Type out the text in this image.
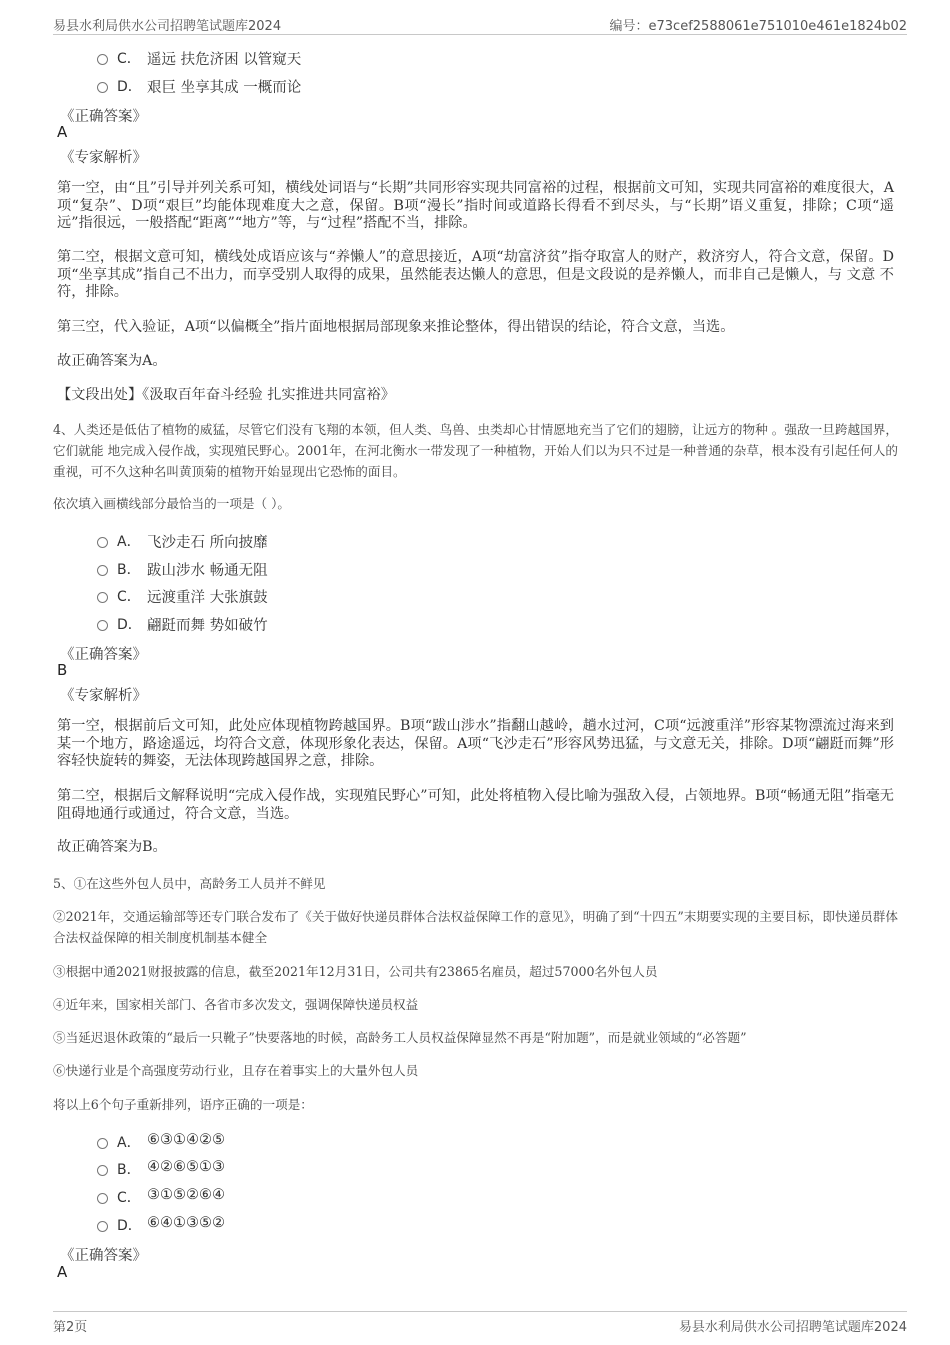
易县水利局供水公司招聘笔试题库2024	编号：e73cef2588061e751010e461e1824b02
C． 遥远 扶危济困 以管窥天
D． 艰巨 坐享其成 一概而论
《正确答案》
A
《专家解析》
第一空，由“且”引导并列关系可知，横线处词语与“长期”共同形容实现共同富裕的过程，根据前文可知，实现共同富裕的难度很大，A项“复杂”、D项“艰巨”均能体现难度大之意，保留。B项“漫长”指时间或道路长得看不到尽头，与“长期”语义重复，排除；C项“遥远”指很远，一般搭配“距离”“地方”等，与“过程”搭配不当，排除。
第二空，根据文意可知，横线处成语应该与“养懒人”的意思接近，A项“劫富济贫”指夺取富人的财产，救济穷人，符合文意，保留。D项“坐享其成”指自己不出力，而享受别人取得的成果，虽然能表达懒人的意思，但是文段说的是养懒人，而非自己是懒人，与 文意 不符，排除。
第三空，代入验证，A项“以偏概全”指片面地根据局部现象来推论整体，得出错误的结论，符合文意，当选。
故正确答案为A。
【文段出处】《汲取百年奋斗经验 扎实推进共同富裕》
4、人类还是低估了植物的威猛，尽管它们没有飞翔的本领，但人类、鸟兽、虫类却心甘情愿地充当了它们的翅膀，让远方的物种 。强敌一旦跨越国界，它们就能 地完成入侵作战，实现殖民野心。2001年，在河北衡水一带发现了一种植物，开始人们以为只不过是一种普通的杂草，根本没有引起任何人的重视，可不久这种名叫黄顶菊的植物开始显现出它恐怖的面目。
依次填入画横线部分最恰当的一项是（ ）。
A． 飞沙走石 所向披靡
B． 跋山涉水 畅通无阻
C． 远渡重洋 大张旗鼓
D． 翩跹而舞 势如破竹
《正确答案》
B
《专家解析》
第一空，根据前后文可知，此处应体现植物跨越国界。B项“跋山涉水”指翻山越岭，趟水过河，C项“远渡重洋”形容某物漂流过海来到某一个地方，路途遥远，均符合文意，体现形象化表达，保留。A项“飞沙走石”形容风势迅猛，与文意无关，排除。D项“翩跹而舞”形容轻快旋转的舞姿，无法体现跨越国界之意，排除。
第二空，根据后文解释说明“完成入侵作战，实现殖民野心”可知，此处将植物入侵比喻为强敌入侵，占领地界。B项“畅通无阻”指毫无阻碍地通行或通过，符合文意，当选。
故正确答案为B。
5、①在这些外包人员中，高龄务工人员并不鲜见
②2021年，交通运输部等还专门联合发布了《关于做好快递员群体合法权益保障工作的意见》，明确了到“十四五”末期要实现的主要目标，即快递员群体合法权益保障的相关制度机制基本健全
③根据中通2021财报披露的信息，截至2021年12月31日，公司共有23865名雇员，超过57000名外包人员
④近年来，国家相关部门、各省市多次发文，强调保障快递员权益
⑤当延迟退休政策的“最后一只靴子”快要落地的时候，高龄务工人员权益保障显然不再是“附加题”，而是就业领域的“必答题”
⑥快递行业是个高强度劳动行业，且存在着事实上的大量外包人员
将以上6个句子重新排列，语序正确的一项是：
A． ⑥③①④②⑤
B． ④②⑥⑤①③
C． ③①⑤②⑥④
D． ⑥④①③⑤②
《正确答案》
A
第2页	易县水利局供水公司招聘笔试题库2024
